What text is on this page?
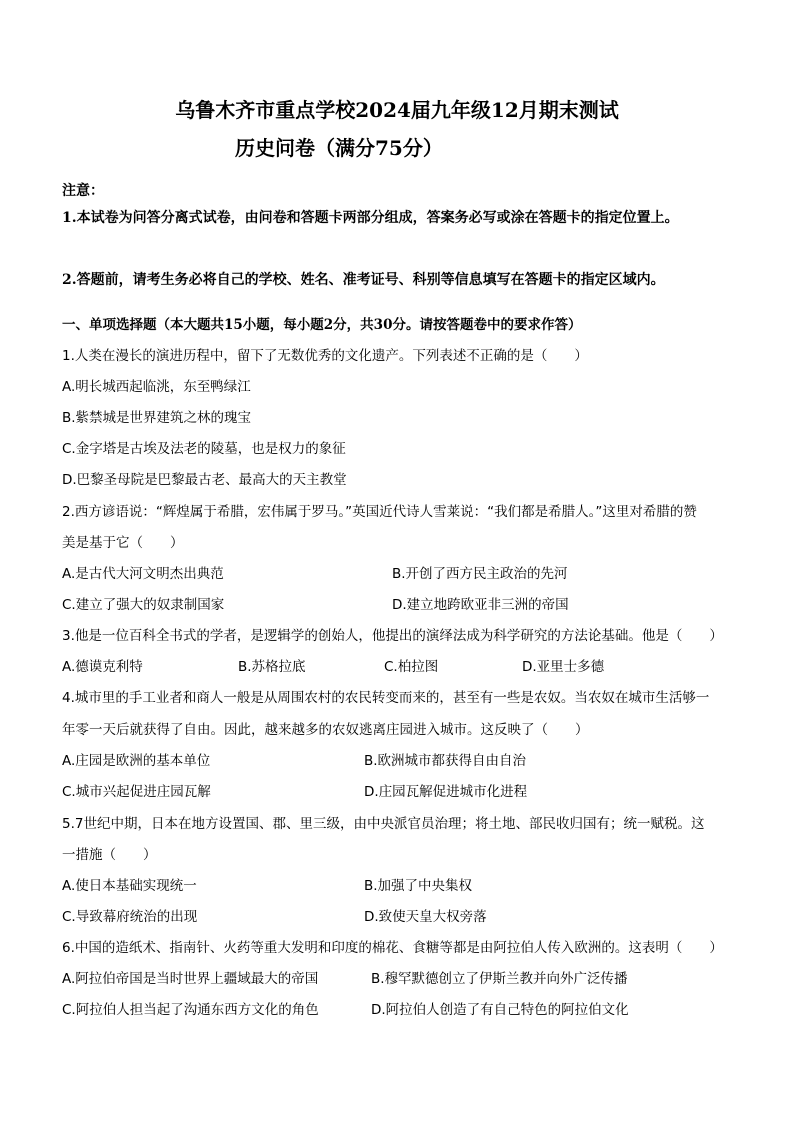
乌鲁木齐市重点学校2024届九年级12月期末测试
历史问卷（满分75分）
注意：
1.本试卷为问答分离式试卷，由问卷和答题卡两部分组成，答案务必写或涂在答题卡的指定位置上。
2.答题前，请考生务必将自己的学校、姓名、准考证号、科别等信息填写在答题卡的指定区域内。
一、单项选择题（本大题共15小题，每小题2分，共30分。请按答题卷中的要求作答）
1.人类在漫长的演进历程中，留下了无数优秀的文化遗产。下列表述不正确的是（　　）
A.明长城西起临洮，东至鸭绿江
B.紫禁城是世界建筑之林的瑰宝
C.金字塔是古埃及法老的陵墓，也是权力的象征
D.巴黎圣母院是巴黎最古老、最高大的天主教堂
2.西方谚语说：“辉煌属于希腊，宏伟属于罗马。”英国近代诗人雪莱说：“我们都是希腊人。”这里对希腊的赞
美是基于它（　　）
A.是古代大河文明杰出典范	B.开创了西方民主政治的先河
C.建立了强大的奴隶制国家	D.建立地跨欧亚非三洲的帝国
3.他是一位百科全书式的学者，是逻辑学的创始人，他提出的演绎法成为科学研究的方法论基础。他是（　　）
A.德谟克利特	B.苏格拉底	C.柏拉图	D.亚里士多德
4.城市里的手工业者和商人一般是从周围农村的农民转变而来的，甚至有一些是农奴。当农奴在城市生活够一
年零一天后就获得了自由。因此，越来越多的农奴逃离庄园进入城市。这反映了（　　）
A.庄园是欧洲的基本单位	B.欧洲城市都获得自由自治
C.城市兴起促进庄园瓦解	D.庄园瓦解促进城市化进程
5.7世纪中期，日本在地方设置国、郡、里三级，由中央派官员治理；将土地、部民收归国有；统一赋税。这
一措施（　　）
A.使日本基础实现统一	B.加强了中央集权
C.导致幕府统治的出现	D.致使天皇大权旁落
6.中国的造纸术、指南针、火药等重大发明和印度的棉花、食糖等都是由阿拉伯人传入欧洲的。这表明（　　）
A.阿拉伯帝国是当时世界上疆域最大的帝国	B.穆罕默德创立了伊斯兰教并向外广泛传播
C.阿拉伯人担当起了沟通东西方文化的角色	D.阿拉伯人创造了有自己特色的阿拉伯文化
